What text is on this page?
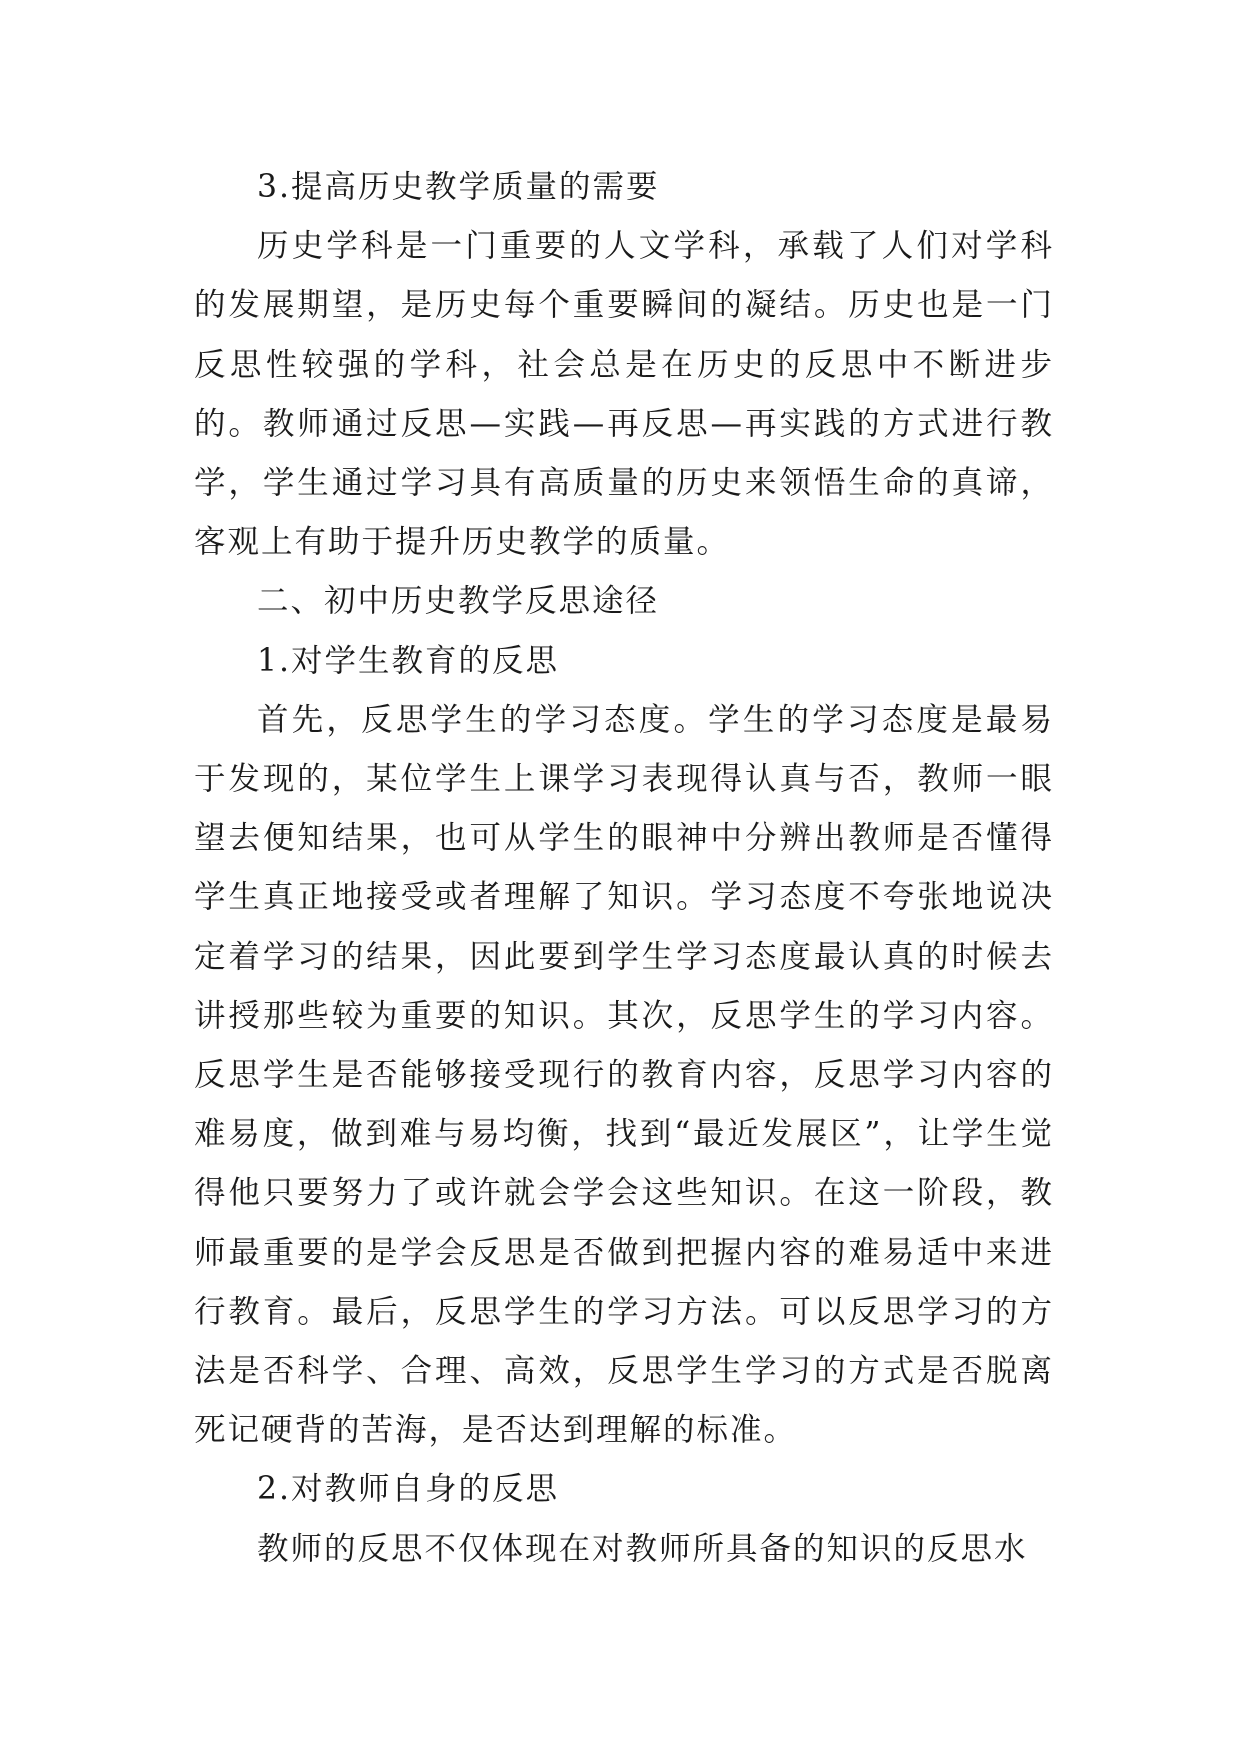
3.提高历史教学质量的需要

历史学科是一门重要的人文学科，承载了人们对学科的发展期望，是历史每个重要瞬间的凝结。历史也是一门反思性较强的学科，社会总是在历史的反思中不断进步的。教师通过反思—实践—再反思—再实践的方式进行教学，学生通过学习具有高质量的历史来领悟生命的真谛，客观上有助于提升历史教学的质量。

二、初中历史教学反思途径

1.对学生教育的反思

首先，反思学生的学习态度。学生的学习态度是最易于发现的，某位学生上课学习表现得认真与否，教师一眼望去便知结果，也可从学生的眼神中分辨出教师是否懂得学生真正地接受或者理解了知识。学习态度不夸张地说决定着学习的结果，因此要到学生学习态度最认真的时候去讲授那些较为重要的知识。其次，反思学生的学习内容。反思学生是否能够接受现行的教育内容，反思学习内容的难易度，做到难与易均衡，找到“最近发展区”，让学生觉得他只要努力了或许就会学会这些知识。在这一阶段，教师最重要的是学会反思是否做到把握内容的难易适中来进行教育。最后，反思学生的学习方法。可以反思学习的方法是否科学、合理、高效，反思学生学习的方式是否脱离死记硬背的苦海，是否达到理解的标准。

2.对教师自身的反思

教师的反思不仅体现在对教师所具备的知识的反思水
